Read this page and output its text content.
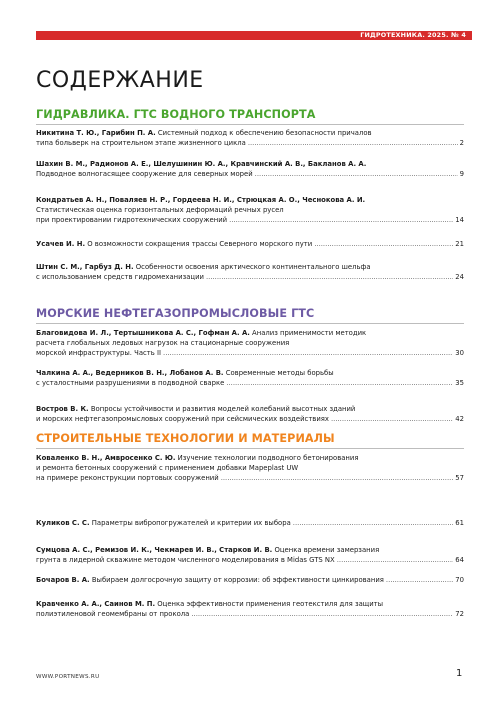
ГИДРОТЕХНИКА. 2025. № 4
СОДЕРЖАНИЕ
ГИДРАВЛИКА. ГТС ВОДНОГО ТРАНСПОРТА
Никитина Т. Ю., Гарибин П. А. Системный подход к обеспечению безопасности причалов
типа больверк на строительном этапе жизненного цикла .....	2
Шахин В. М., Радионов А. Е., Шелушинин Ю. А., Кравчинский А. В., Бакланов А. А.
Подводное волногасящее сооружение для северных морей .....	9
Кондратьев А. Н., Поваляев Н. Р., Гордеева Н. И., Стрюцкая А. О., Чеснокова А. И.
Статистическая оценка горизонтальных деформаций речных русел
при проектировании гидротехнических сооружений .....	14
Усачев И. Н. О возможности сокращения трассы Северного морского пути .....	21
Штин С. М., Гарбуз Д. Н. Особенности освоения арктического континентального шельфа
с использованием средств гидромеханизации .....	24
МОРСКИЕ НЕФТЕГАЗОПРОМЫСЛОВЫЕ ГТС
Благовидова И. Л., Тертышникова А. С., Гофман А. А. Анализ применимости методик
расчета глобальных ледовых нагрузок на стационарные сооружения
морской инфраструктуры. Часть II .....	30
Чалкина А. А., Ведерников В. Н., Лобанов А. В. Современные методы борьбы
с усталостными разрушениями в подводной сварке .....	35
Востров В. К. Вопросы устойчивости и развития моделей колебаний высотных зданий
и морских нефтегазопромысловых сооружений при сейсмических воздействиях .....	42
СТРОИТЕЛЬНЫЕ ТЕХНОЛОГИИ И МАТЕРИАЛЫ
Коваленко В. Н., Амвросенко С. Ю. Изучение технологии подводного бетонирования
и ремонта бетонных сооружений с применением добавки Mapeplast UW
на примере реконструкции портовых сооружений .....	57
Куликов С. С. Параметры вибропогружателей и критерии их выбора .....	61
Сумцова А. С., Ремизов И. К., Чекмарев И. В., Старков И. В. Оценка времени замерзания
грунта в лидерной скважине методом численного моделирования в Midas GTS NX .....	64
Бочаров В. А. Выбираем долгосрочную защиту от коррозии: об эффективности цинкирования .....	70
Кравченко А. А., Саинов М. П. Оценка эффективности применения геотекстиля для защиты
полиэтиленовой геомембраны от прокола .....	72
WWW.PORTNEWS.RU	1
